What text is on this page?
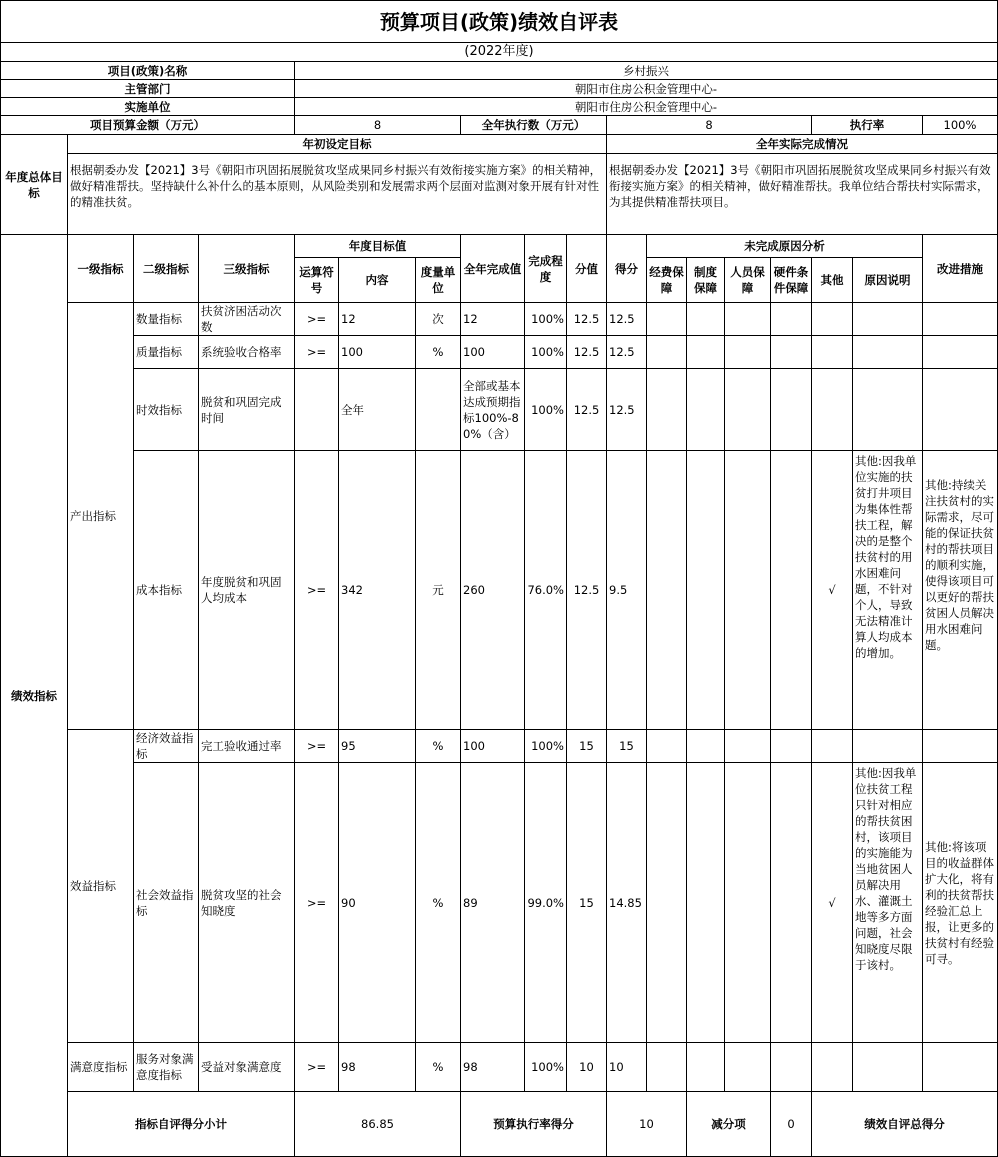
预算项目(政策)绩效自评表																		
(2022年度)																		
项目(政策)名称				乡村振兴														
主管部门				朝阳市住房公积金管理中心-														
实施单位				朝阳市住房公积金管理中心-														
项目预算金额（万元）				8			全年执行数（万元）			8					执行率		100%	
年度总体目标	年初设定目标									全年实际完成情况								
	根据朝委办发【2021】3号《朝阳市巩固拓展脱贫攻坚成果同乡村振兴有效衔接实施方案》的相关精神，做好精准帮扶。坚持缺什么补什么的基本原则，从风险类别和发展需求两个层面对监测对象开展有针对性的精准扶贫。									根据朝委办发【2021】3号《朝阳市巩固拓展脱贫攻坚成果同乡村振兴有效衔接实施方案》的相关精神，做好精准帮扶。我单位结合帮扶村实际需求，为其提供精准帮扶项目。								
绩效指标	一级指标	二级指标	三级指标	年度目标值			全年完成值	完成程度	分值	得分	未完成原因分析						改进措施	
				运算符号	内容	度量单位					经费保障	制度保障	人员保障	硬件条件保障	其他	原因说明		
	产出指标	数量指标	扶贫济困活动次数	>=	12	次	12	100%	12.5	12.5								
		质量指标	系统验收合格率	>=	100	%	100	100%	12.5	12.5								
		时效指标	脱贫和巩固完成时间		全年		全部或基本达成预期指标100%-80%（含）	100%	12.5	12.5								
		成本指标	年度脱贫和巩固人均成本	>=	342	元	260	76.0%	12.5	9.5					√	其他:因我单位实施的扶贫打井项目为集体性帮扶工程，解决的是整个扶贫村的用水困难问题，不针对个人，导致无法精准计算人均成本的增加。	其他:持续关注扶贫村的实际需求，尽可能的保证扶贫村的帮扶项目的顺利实施，使得该项目可以更好的帮扶贫困人员解决用水困难问题。	
	效益指标	经济效益指标	完工验收通过率	>=	95	%	100	100%	15	15								
		社会效益指标	脱贫攻坚的社会知晓度	>=	90	%	89	99.0%	15	14.85					√	其他:因我单位扶贫工程只针对相应的帮扶贫困村，该项目的实施能为当地贫困人员解决用水、灌溉土地等多方面问题，社会知晓度尽限于该村。	其他:将该项目的收益群体扩大化，将有利的扶贫帮扶经验汇总上报，让更多的扶贫村有经验可寻。	
	满意度指标	服务对象满意度指标	受益对象满意度	>=	98	%	98	100%	10	10								
	指标自评得分小计			86.85			预算执行率得分			10		减分项		0	绩效自评总得分	
